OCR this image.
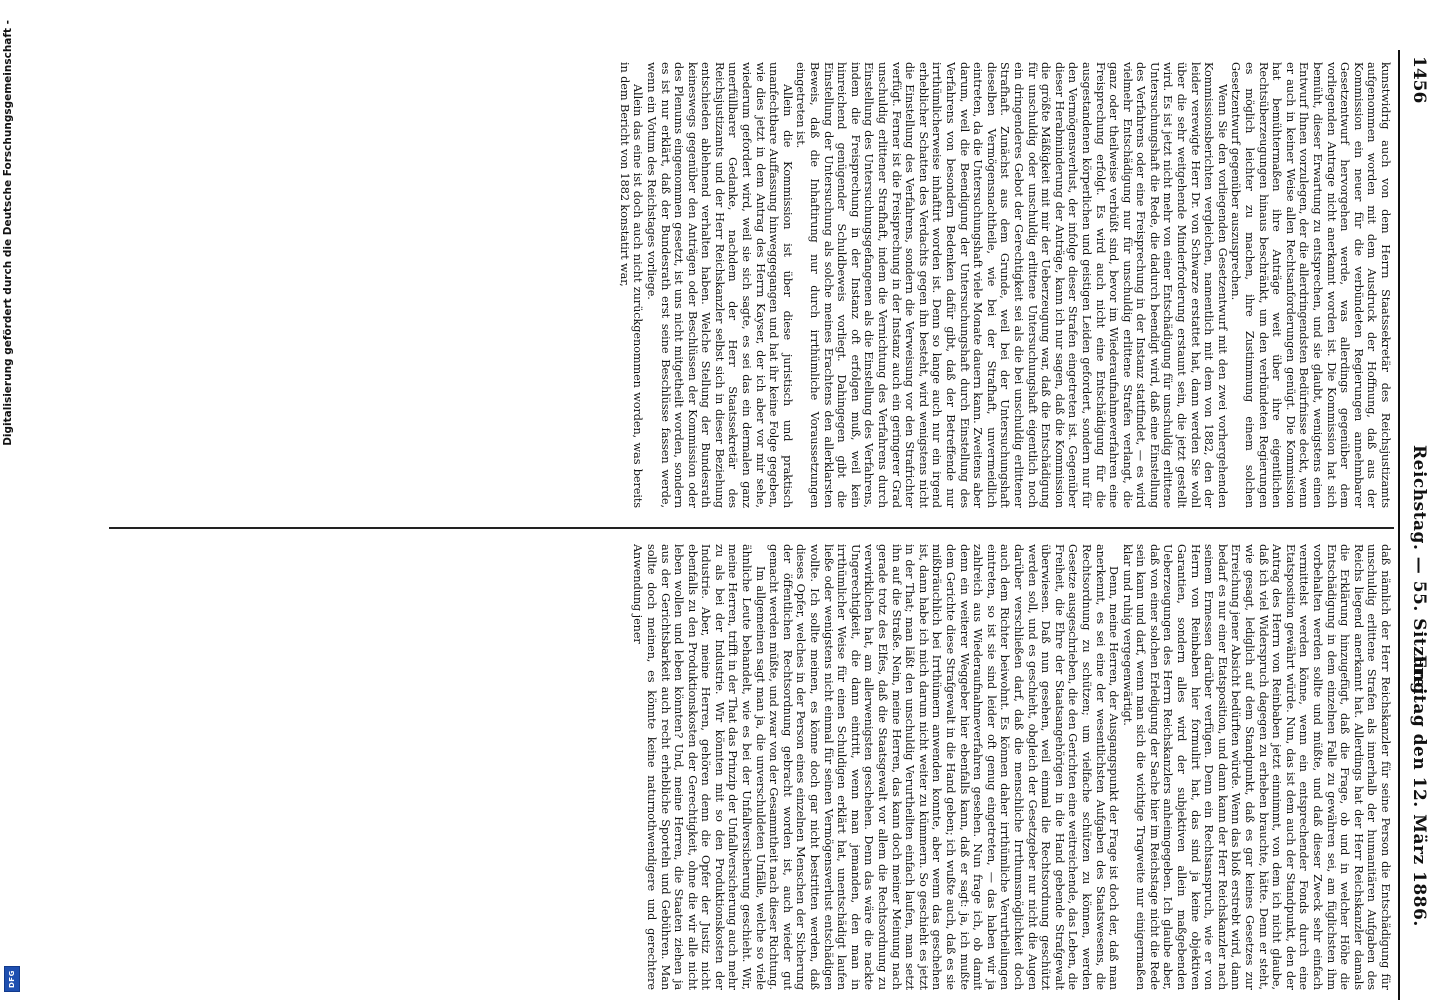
Digitalisierung gefördert durch die Deutsche Forschungsgemeinschaft -
DFG
1456
Reichstag. — 55. Sitzung.
Freitag den 12. März 1886.

kunstwidrig auch von dem Herrn Staatssekretär des Reichsjustizamts aufgenommen worden mit dem Ausdruck der Hoffnung, daß aus der Kommission ein neuer für die verbündeten Regierungen annehmbarer Gesetzentwurf hervorgehen werde, was allerdings gegenüber dem vorliegenden Antrage nicht anerkannt worden ist. Die Kommission hat sich bemüht, dieser Erwartung zu entsprechen, und sie glaubt, wenigstens einen Entwurf Ihnen vorzulegen, der die allerdringendsten Bedürfnisse deckt, wenn er auch in keiner Weise allen Rechtsanforderungen genügt. Die Kommission hat bemühtermaßen ihre Anträge weit über ihre eigentlichen Rechtsüberzeugungen hinaus beschränkt, um den verbündeten Regierungen es möglich leichter zu machen, ihre Zustimmung einem solchen Gesetzentwurf gegenüber auszusprechen.

Wenn Sie den vorliegenden Gesetzentwurf mit den zwei vorhergehenden Kommissionsberichten vergleichen, namentlich mit dem von 1882, den der leider verewigte Herr Dr. von Schwarze erstattet hat, dann werden Sie wohl über die sehr weitgehende Minderforderung erstaunt sein, die jetzt gestellt wird. Es ist jetzt nicht mehr von einer Entschädigung für unschuldig erlittene Untersuchungshaft die Rede, die dadurch beendigt wird, daß eine Einstellung des Verfahrens oder eine Freisprechung in der Instanz stattfindet, — es wird vielmehr Entschädigung nur für unschuldig erlittene Strafen verlangt, die ganz oder theilweise verbüßt sind, bevor im Wiederaufnahmeverfahren eine Freisprechung erfolgt. Es wird auch nicht eine Entschädigung für die ausgestandenen körperlichen und geistigen Leiden gefordert, sondern nur für den Vermögensverlust, der infolge dieser Strafen eingetreten ist. Gegenüber dieser Herabminderung der Anträge, kann ich nur sagen, daß die Kommission die größte Mäßigkeit mit mir der Ueberzeugung war, daß die Entschädigung für unschuldig oder unschuldig erlittene Untersuchungshaft eigentlich noch ein dringenderes Gebot der Gerechtigkeit sei als die bei unschuldig erlittener Strafhaft. Zunächst aus dem Grunde, weil bei der Untersuchungshaft dieselben Vermögensnachtheile, wie bei der Strafhaft, unvermeidlich eintreten, da die Untersuchungshaft viele Monate dauern kann. Zweitens aber darum, weil die Beendigung der Untersuchungshaft durch Einstellung des Verfahrens von besondern Bedenken dafür gibt, daß der Betreffende nur irrthümlicherweise inhaftirt worden ist. Denn so lange auch nur ein irgend erheblicher Schatten des Verdachts gegen ihn besteht, wird wenigstens nicht die Einstellung des Verfahrens, sondern die Verweisung vor den Strafrichter verfügt. Ferner ist die Freisprechung in der Instanz auch ein geringerer Grad unschuldig erlittener Strafhaft, indem die Vernichtung des Verfahrens durch Einstellung des Untersuchungsgefangenen als die Einstellung des Verfahrens, indem die Freisprechung in der Instanz oft erfolgen muß, weil kein hinreichend genügender Schuldbeweis vorliegt. Dahingegen gibt die Einstellung der Untersuchung als solche meines Erachtens den allerklarsten Beweis, daß die Inhaftirung nur durch irrthümliche Voraussetzungen eingetreten ist.

Allein die Kommission ist über diese juristisch und praktisch unanfechtbare Auffassung hinweggegangen und hat ihr keine Folge gegeben, wie dies jetzt in dem Antrag des Herrn Kayser, der ich aber vor mir sehe, wiederum gefordert wird, weil sie sich sagte, es sei das ein dermalen ganz unerfüllbarer Gedanke, nachdem der Herr Staatssekretär des Reichsjustizamts und der Herr Reichskanzler selbst sich in dieser Beziehung entschieden ablehnend verhalten haben. Welche Stellung der Bundesrath keineswegs gegenüber den Anträgen oder Beschlüssen der Kommission oder des Plenums eingenommen gesetzt, ist uns nicht mitgetheilt worden, sondern es ist nur erklärt, daß der Bundesrath erst seine Beschlüsse fassen werde, wenn ein Votum des Reichstages vorliege.

Allein das eine ist doch auch nicht zurückgenommen worden, was bereits in dem Bericht von 1882 konstatirt war,

daß nämlich der Herr Reichskanzler für seine Person die Entschädigung für unschuldig erlittene Strafen als innerhalb der humanitären Aufgaben des Reichs liegend anerkannt hat. Allerdings hat der Herr Reichskanzler damals die Erklärung hinzugefügt, daß die Frage, ob und in welcher Höhe die Entschädigung in dem einzelnen Falle zu gewähren sei, am füglichsten ihm vorbehalten werden sollte und müßte, und daß dieser Zweck sehr einfach vermittelst werden könne, wenn ein entsprechender Fonds durch eine Etatsposition gewährt würde. Nun, das ist dem auch der Standpunkt, den der Antrag des Herrn von Reinbaben jetzt einnimmt, von dem ich nicht glaube, daß ich viel Widerspruch dagegen zu erheben brauchte, hätte. Denn er steht, wie gesagt, lediglich auf dem Standpunkt, daß es gar keines Gesetzes zur Erreichung jener Absicht bedürften würde. Wenn das bloß erstrebt wird, dann bedarf es nur einer Etatsposition, und dann kann der Herr Reichskanzler nach seinem Ermessen darüber verfügen. Denn ein Rechtsanspruch, wie er von Herrn von Reinbaben hier formulirt hat, das sind ja keine objektiven Garantien, sondern alles wird der subjektiven allein maßgebenden Ueberzeugungen des Herrn Reichskanzlers anheimgegeben. Ich glaube aber, daß von einer solchen Erledigung der Sache hier im Reichstage nicht die Rede sein kann und darf, wenn man sich die wichtige Tragweite nur einigermaßen klar und ruhig vergegenwärtigt.

Denn, meine Herren, der Ausgangspunkt der Frage ist doch der, daß man anerkennt, es sei eine der wesentlichsten Aufgaben des Staatswesens, die Rechtsordnung zu schützen; um vielfache schützen zu können, werden Gesetze ausgeschrieben, die den Gerichten eine weitreichende, das Leben, die Freiheit, die Ehre der Staatsangehörigen in die Hand gebende Strafgewalt überwiesen. Daß nun gesehen, weil einmal die Rechtsordnung geschützt werden soll, und es geschieht, obgleich der Gesetzgeber nur nicht die Augen darüber verschließen darf, daß die menschliche Irrthumsmöglichkeit doch auch dem Richter beiwohnt. Es können daher irrthümliche Verurtheilungen eintreten, so ist sie sind leider oft genug eingetreten, — das haben wir ja zahlreich aus Wiederaufnahmeverfahren gesehen. Nun frage ich, ob damit denn ein weiterer Weggeber hier ebenfalls kann, daß er sagt: ja, ich mußte dem Gerichte diese Strafgewalt in die Hand geben; ich wußte auch, daß es sie mißbräuchlich bei Irrthümern anwenden konnte, aber wenn das geschehen ist, dann habe ich mich darum nicht weiter zu kümmern. So geschieht es jetzt in der That; man läßt den unschuldig Verurtheilten einfach laufen, man setzt ihn auf die Straße. Nein, meine Herren, das kann doch meiner Meinung nach gerade trotz des Elfes, daß die Staatsgewalt vor allem die Rechtsordnung zu verwirklichen hat, am allerwenigsten geschehen. Denn das wäre die nackte Ungerechtigkeit, die dann eintritt, wenn man jemanden, den man in irrthümlicher Weise für einen Schuldigen erklärt hat, unentschädigt laufen ließe oder wenigstens nicht einmal für seinen Vermögensverlust entschädigen wollte. Ich sollte meinen, es könne doch gar nicht bestritten werden, daß dieses Opfer, welches in der Person eines einzelnen Menschen der Sicherung der öffentlichen Rechtsordnung gebracht worden ist, auch wieder gut gemacht werden müßte, und zwar von der Gesammtheit nach dieser Richtung.

Im allgemeinen sagt man ja, die unverschuldeten Unfälle, welche so viele ähnliche Leute behandelt, wie es bei der Unfallversicherung geschieht. Wir, meine Herren, trifft in der That das Prinzip der Unfallversicherung auch mehr zu als bei der Industrie. Wir könnten mit so den Produktionskosten der Industrie. Aber, meine Herren, gehören denn die Opfer der Justiz nicht ebenfalls zu den Produktionskosten der Gerechtigkeit, ohne die wir alle nicht leben wollen und leben könnten? Und, meine Herren, die Staaten ziehen ja aus der Gerichtsbarkeit auch recht erhebliche Sporteln und Gebühren. Man sollte doch meinen, es könnte keine naturnothwendigere und gerechtere Anwendung jener
